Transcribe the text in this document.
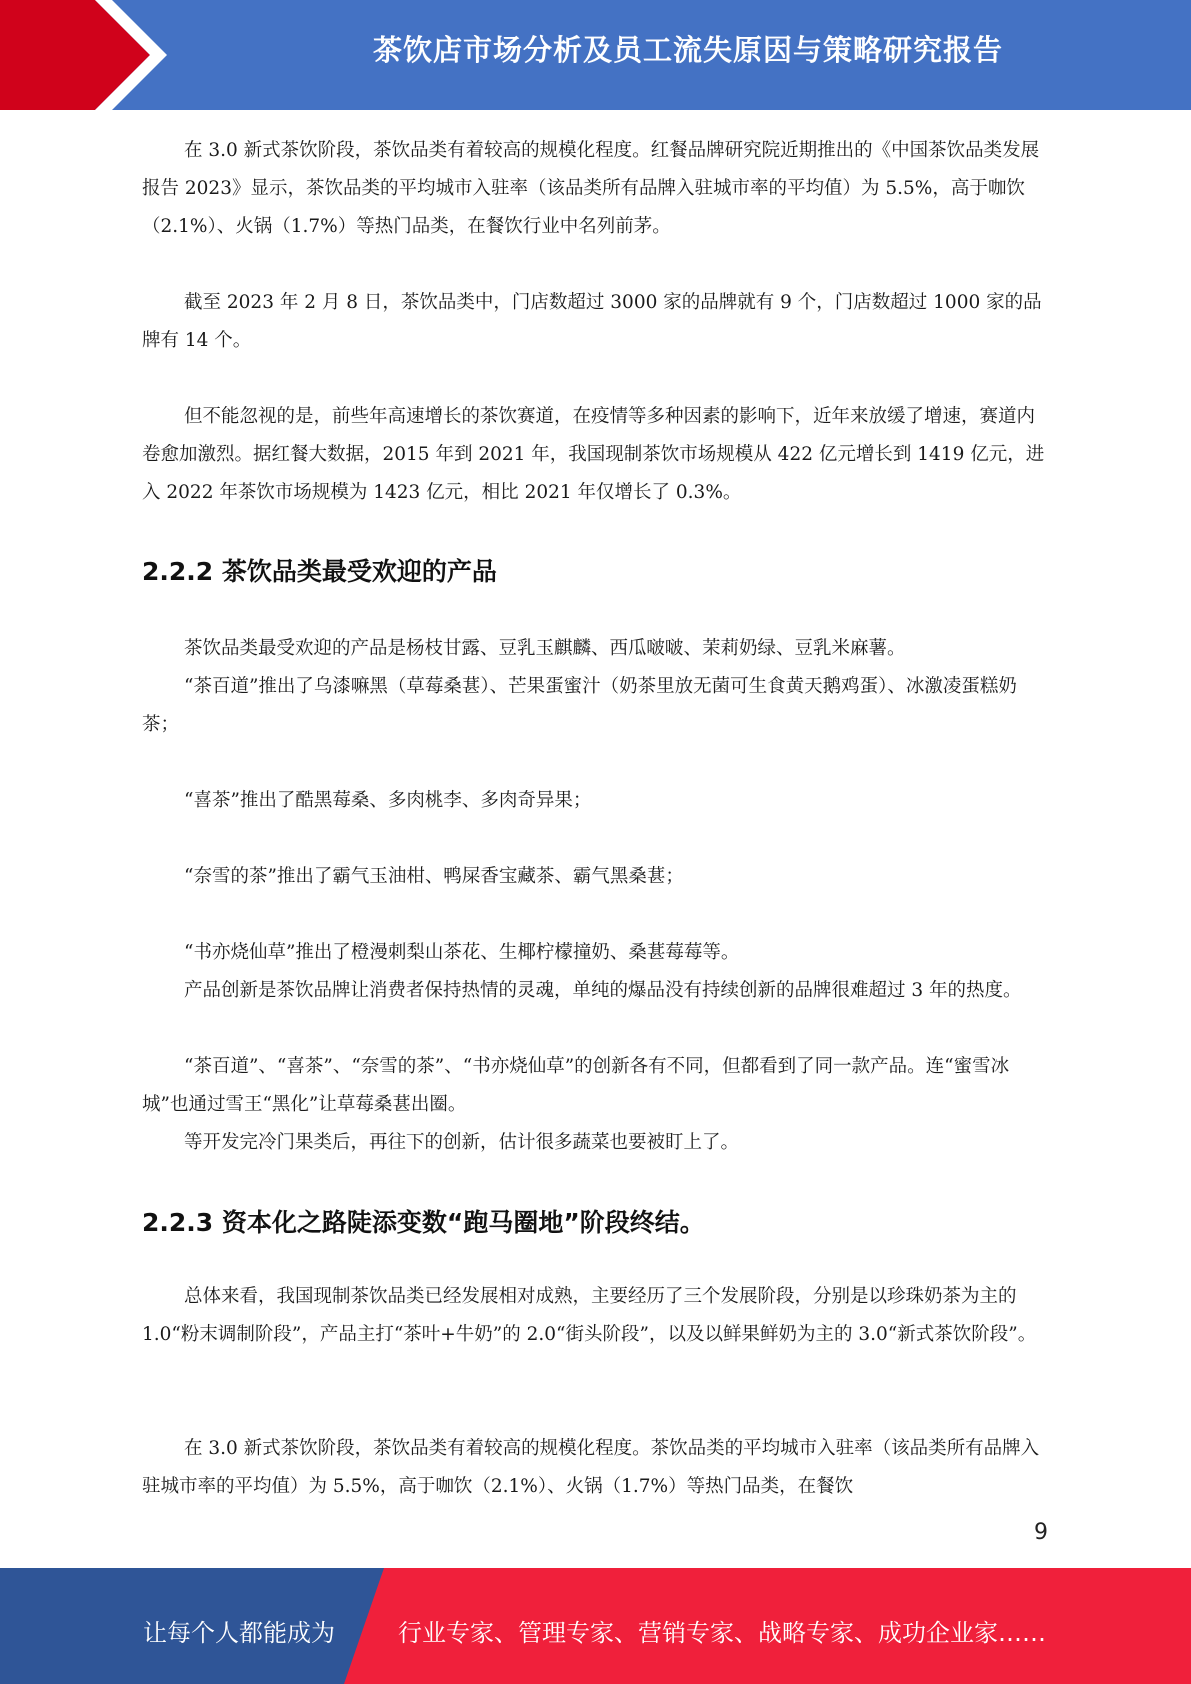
茶饮店市场分析及员工流失原因与策略研究报告

在 3.0 新式茶饮阶段，茶饮品类有着较高的规模化程度。红餐品牌研究院近期推出的《中国茶饮品类发展报告 2023》显示，茶饮品类的平均城市入驻率（该品类所有品牌入驻城市率的平均值）为 5.5%，高于咖饮（2.1%）、火锅（1.7%）等热门品类，在餐饮行业中名列前茅。

截至 2023 年 2 月 8 日，茶饮品类中，门店数超过 3000 家的品牌就有 9 个，门店数超过 1000 家的品牌有 14 个。

但不能忽视的是，前些年高速增长的茶饮赛道，在疫情等多种因素的影响下，近年来放缓了增速，赛道内卷愈加激烈。据红餐大数据，2015 年到 2021 年，我国现制茶饮市场规模从 422 亿元增长到 1419 亿元，进入 2022 年茶饮市场规模为 1423 亿元，相比 2021 年仅增长了 0.3%。

2.2.2 茶饮品类最受欢迎的产品

茶饮品类最受欢迎的产品是杨枝甘露、豆乳玉麒麟、西瓜啵啵、茉莉奶绿、豆乳米麻薯。

“茶百道”推出了乌漆嘛黑（草莓桑葚）、芒果蛋蜜汁（奶茶里放无菌可生食黄天鹅鸡蛋）、冰激凌蛋糕奶茶；

“喜茶”推出了酷黑莓桑、多肉桃李、多肉奇异果；

“奈雪的茶”推出了霸气玉油柑、鸭屎香宝藏茶、霸气黑桑葚；

“书亦烧仙草”推出了橙漫刺梨山茶花、生椰柠檬撞奶、桑葚莓莓等。

产品创新是茶饮品牌让消费者保持热情的灵魂，单纯的爆品没有持续创新的品牌很难超过 3 年的热度。

“茶百道”、“喜茶”、“奈雪的茶”、“书亦烧仙草”的创新各有不同，但都看到了同一款产品。连“蜜雪冰城”也通过雪王“黑化”让草莓桑葚出圈。

等开发完冷门果类后，再往下的创新，估计很多蔬菜也要被盯上了。

2.2.3 资本化之路陡添变数“跑马圈地”阶段终结。

总体来看，我国现制茶饮品类已经发展相对成熟，主要经历了三个发展阶段，分别是以珍珠奶茶为主的 1.0“粉末调制阶段”，产品主打“茶叶+牛奶”的 2.0“街头阶段”，以及以鲜果鲜奶为主的 3.0“新式茶饮阶段”。

在 3.0 新式茶饮阶段，茶饮品类有着较高的规模化程度。茶饮品类的平均城市入驻率（该品类所有品牌入驻城市率的平均值）为 5.5%，高于咖饮（2.1%）、火锅（1.7%）等热门品类，在餐饮

9
让每个人都能成为	行业专家、管理专家、营销专家、战略专家、成功企业家……
